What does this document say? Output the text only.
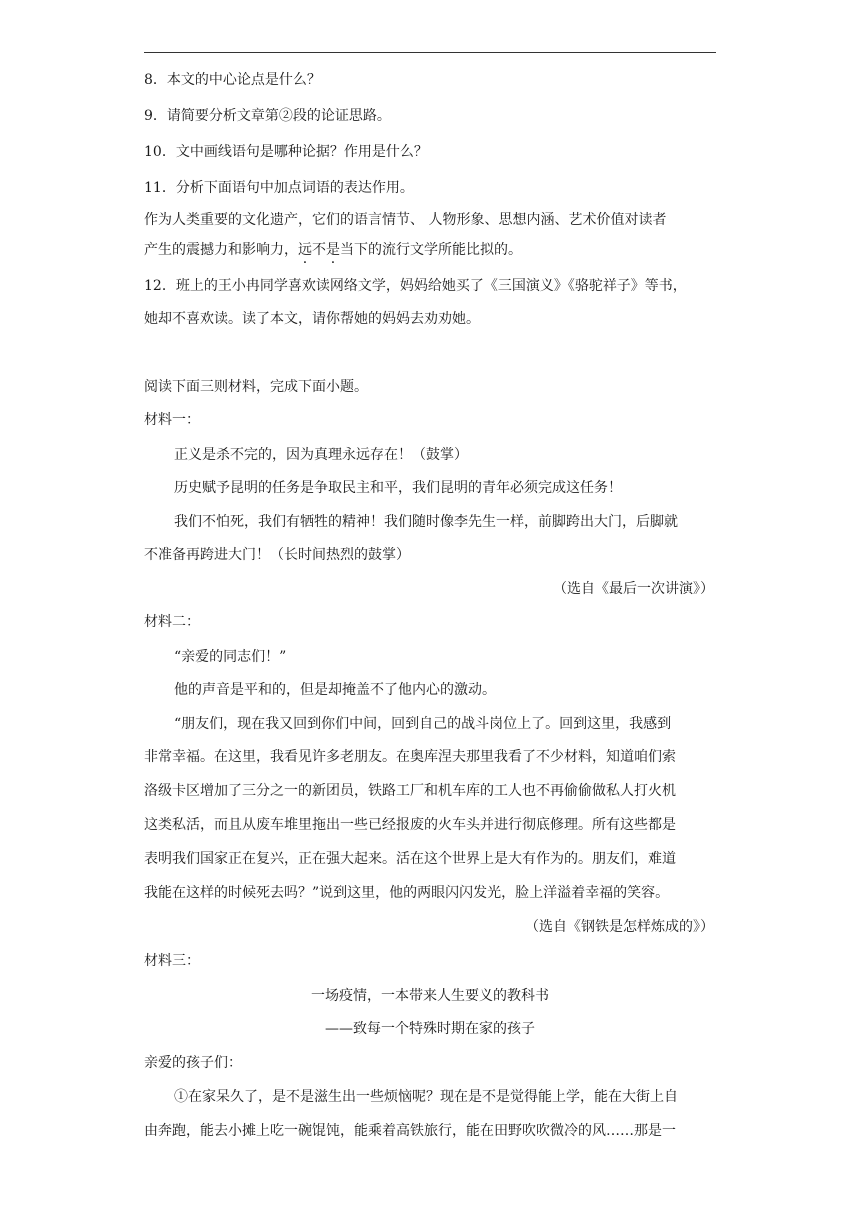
8．本文的中心论点是什么？
9．请简要分析文章第②段的论证思路。
10．文中画线语句是哪种论据？作用是什么？
11．分析下面语句中加点词语的表达作用。
作为人类重要的文化遗产，它们的语言情节、 人物形象、思想内涵、艺术价值对读者
产生的震撼力和影响力，远不是当下的流行文学所能比拟的。
12．班上的王小冉同学喜欢读网络文学，妈妈给她买了《三国演义》《骆驼祥子》等书，
她却不喜欢读。读了本文，请你帮她的妈妈去劝劝她。
阅读下面三则材料，完成下面小题。
材料一：
正义是杀不完的，因为真理永远存在！（鼓掌）
历史赋予昆明的任务是争取民主和平，我们昆明的青年必须完成这任务！
我们不怕死，我们有牺牲的精神！我们随时像李先生一样，前脚跨出大门，后脚就
不准备再跨进大门！（长时间热烈的鼓掌）
（选自《最后一次讲演》）
材料二：
“亲爱的同志们！”
他的声音是平和的，但是却掩盖不了他内心的激动。
“朋友们，现在我又回到你们中间，回到自己的战斗岗位上了。回到这里，我感到
非常幸福。在这里，我看见许多老朋友。在奥库涅夫那里我看了不少材料，知道咱们索
洛级卡区增加了三分之一的新团员，铁路工厂和机车库的工人也不再偷偷做私人打火机
这类私活，而且从废车堆里拖出一些已经报废的火车头并进行彻底修理。所有这些都是
表明我们国家正在复兴，正在强大起来。活在这个世界上是大有作为的。朋友们，难道
我能在这样的时候死去吗？”说到这里，他的两眼闪闪发光，脸上洋溢着幸福的笑容。
（选自《钢铁是怎样炼成的》）
材料三：
一场疫情，一本带来人生要义的教科书
——致每一个特殊时期在家的孩子
亲爱的孩子们：
①在家呆久了，是不是滋生出一些烦恼呢？现在是不是觉得能上学，能在大街上自
由奔跑，能去小摊上吃一碗馄饨，能乘着高铁旅行，能在田野吹吹微冷的风……那是一
